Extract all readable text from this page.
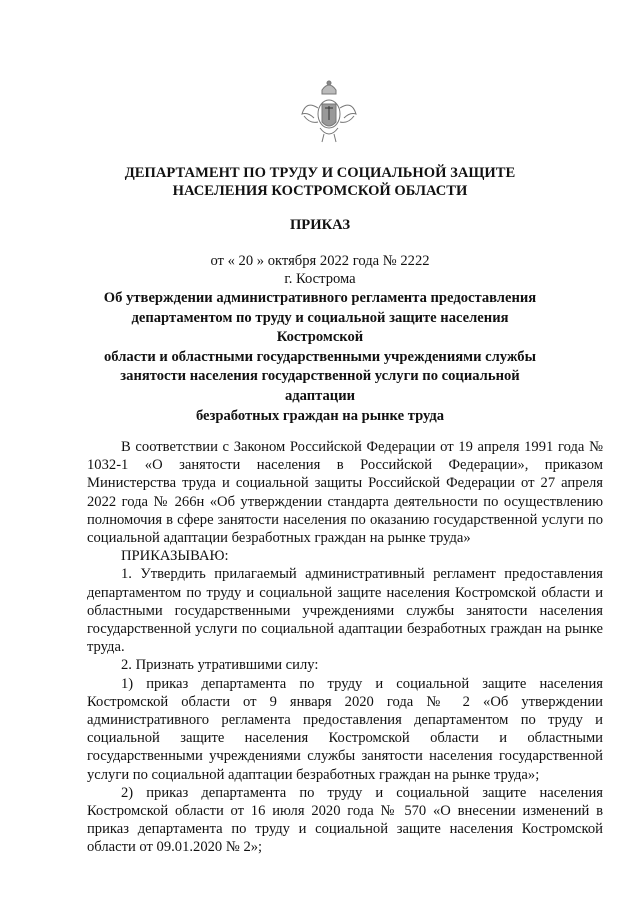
ДЕПАРТАМЕНТ ПО ТРУДУ И СОЦИАЛЬНОЙ ЗАЩИТЕ
НАСЕЛЕНИЯ КОСТРОМСКОЙ ОБЛАСТИ
ПРИКАЗ
от « 20 » октября 2022 года № 2222
г. Кострома
Об утверждении административного регламента предоставления
департаментом по труду и социальной защите населения Костромской
области и областными государственными учреждениями службы
занятости населения государственной услуги по социальной адаптации
безработных граждан на рынке труда

В соответствии с Законом Российской Федерации от 19 апреля 1991 года № 1032-1 «О занятости населения в Российской Федерации», приказом Министерства труда и социальной защиты Российской Федерации от 27 апреля 2022 года № 266н «Об утверждении стандарта деятельности по осуществлению полномочия в сфере занятости населения по оказанию государственной услуги по социальной адаптации безработных граждан на рынке труда»

ПРИКАЗЫВАЮ:

1. Утвердить прилагаемый административный регламент предоставления департаментом по труду и социальной защите населения Костромской области и областными государственными учреждениями службы занятости населения государственной услуги по социальной адаптации безработных граждан на рынке труда.

2. Признать утратившими силу:

1) приказ департамента по труду и социальной защите населения Костромской области от 9 января 2020 года № 2 «Об утверждении административного регламента предоставления департаментом по труду и социальной защите населения Костромской области и областными государственными учреждениями службы занятости населения государственной услуги по социальной адаптации безработных граждан на рынке труда»;

2) приказ департамента по труду и социальной защите населения Костромской области от 16 июля 2020 года № 570 «О внесении изменений в приказ департамента по труду и социальной защите населения Костромской области от 09.01.2020 № 2»;
